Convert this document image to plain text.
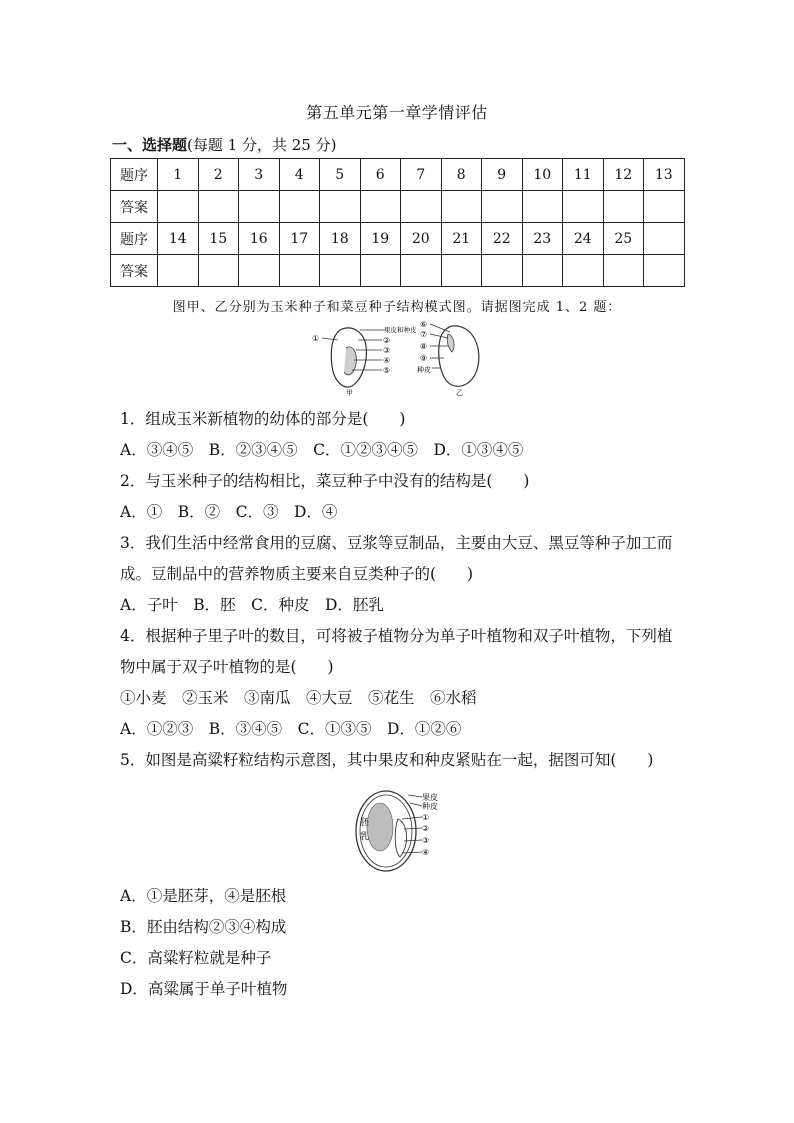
第五单元第一章学情评估
一、选择题(每题 1 分，共 25 分)
题序	1	2	3	4	5	6	7	8	9	10	11	12	13
答案													
题序	14	15	16	17	18	19	20	21	22	23	24	25	
答案													
图甲、乙分别为玉米种子和菜豆种子结构模式图。请据图完成 1、2 题：
①
果皮和种皮
②
③
④
⑤
甲
⑥
⑦
⑧
⑨
种皮
乙
1．组成玉米新植物的幼体的部分是(　　)
A．③④⑤　B．②③④⑤　C．①②③④⑤　D．①③④⑤
2．与玉米种子的结构相比，菜豆种子中没有的结构是(　　)
A．①　B．②　C．③　D．④
3．我们生活中经常食用的豆腐、豆浆等豆制品，主要由大豆、黑豆等种子加工而成。豆制品中的营养物质主要来自豆类种子的(　　)
A．子叶　B．胚　C．种皮　D．胚乳
4．根据种子里子叶的数目，可将被子植物分为单子叶植物和双子叶植物，下列植物中属于双子叶植物的是(　　)
①小麦　②玉米　③南瓜　④大豆　⑤花生　⑥水稻
A．①②③　B．③④⑤　C．①③⑤　D．①②⑥
5．如图是高粱籽粒结构示意图，其中果皮和种皮紧贴在一起，据图可知(　　)
胚
乳
果皮
种皮
①
②
③
④
A．①是胚芽，④是胚根
B．胚由结构②③④构成
C．高粱籽粒就是种子
D．高粱属于单子叶植物
